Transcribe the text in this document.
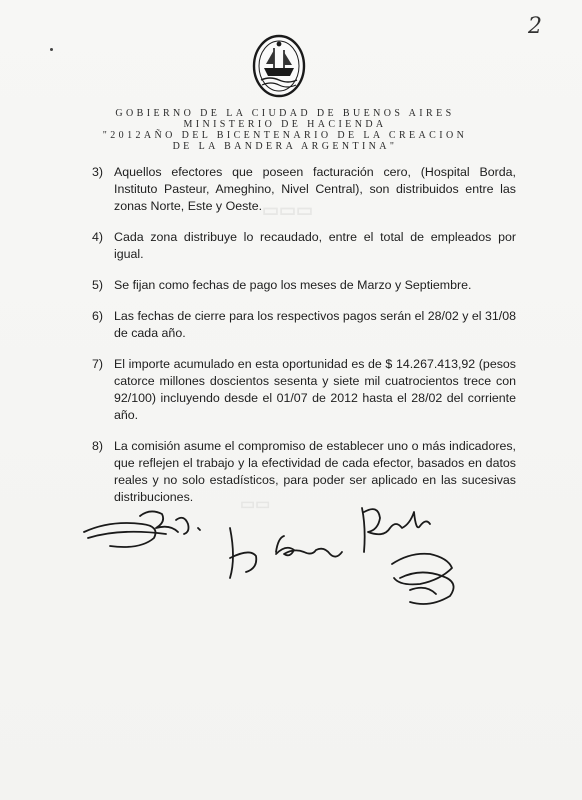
2
▭▭▭
▭▭
GOBIERNO DE LA CIUDAD DE BUENOS AIRES
MINISTERIO DE HACIENDA
"2012AÑO DEL BICENTENARIO DE LA CREACION
DE LA BANDERA ARGENTINA"
3) Aquellos efectores que poseen facturación cero, (Hospital Borda, Instituto Pasteur, Ameghino, Nivel Central), son distribuidos entre las zonas Norte, Este y Oeste.
4) Cada zona distribuye lo recaudado, entre el total de empleados por igual.
5) Se fijan como fechas de pago los meses de Marzo y Septiembre.
6) Las fechas de cierre para los respectivos pagos serán el 28/02 y el 31/08 de cada año.
7) El importe acumulado en esta oportunidad es de $ 14.267.413,92 (pesos catorce millones doscientos sesenta y siete mil cuatrocientos trece con 92/100) incluyendo desde el 01/07 de 2012 hasta el 28/02 del corriente año.
8) La comisión asume el compromiso de establecer uno o más indicadores, que reflejen el trabajo y la efectividad de cada efector, basados en datos reales y no solo estadísticos, para poder ser aplicado en las sucesivas distribuciones.
